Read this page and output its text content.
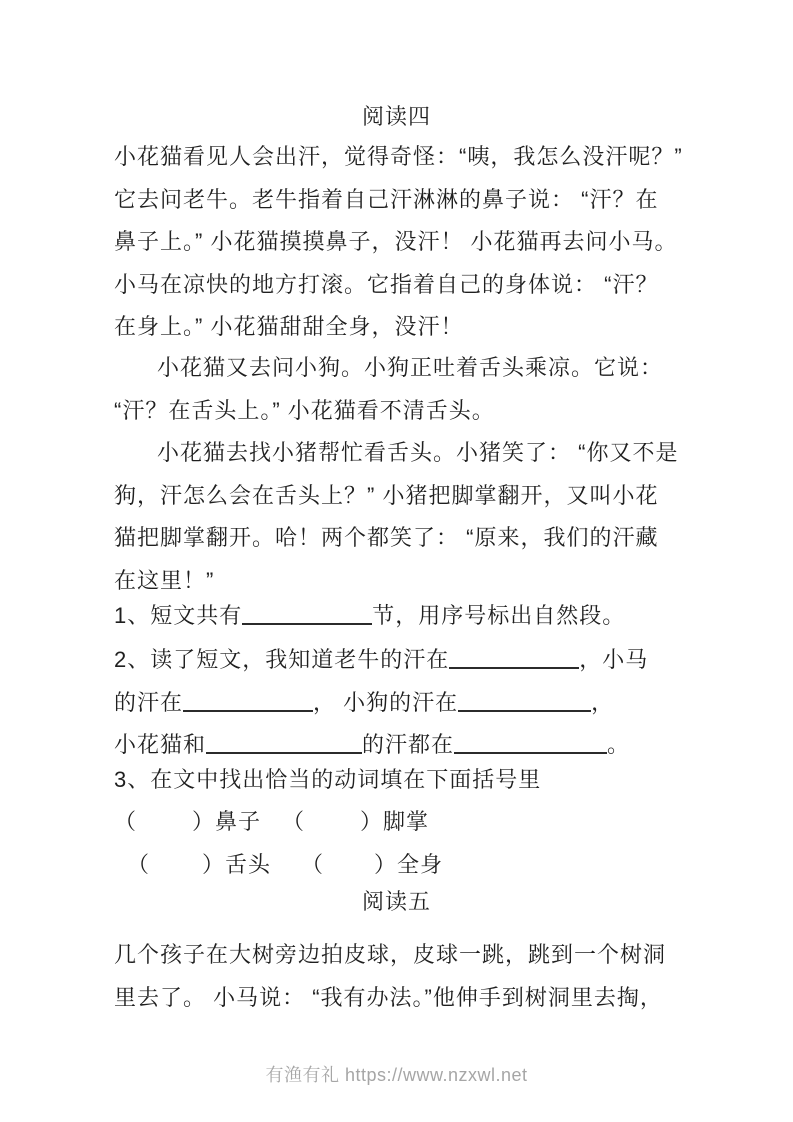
阅读四
小花猫看见人会出汗，觉得奇怪：“咦，我怎么没汗呢？”
它去问老牛。老牛指着自己汗淋淋的鼻子说： “汗？在
鼻子上。” 小花猫摸摸鼻子，没汗！ 小花猫再去问小马。
小马在凉快的地方打滚。它指着自己的身体说： “汗？
在身上。” 小花猫甜甜全身，没汗！
小花猫又去问小狗。小狗正吐着舌头乘凉。它说：
“汗？在舌头上。” 小花猫看不清舌头。
小花猫去找小猪帮忙看舌头。小猪笑了： “你又不是
狗，汗怎么会在舌头上？” 小猪把脚掌翻开，又叫小花
猫把脚掌翻开。哈！两个都笑了： “原来，我们的汗藏
在这里！”
1、短文共有	节，用序号标出自然段。
2、读了短文，我知道老牛的汗在	，小马
的汗在	， 小狗的汗在	，
小花猫和	的汗都在	。
3、在文中找出恰当的动词填在下面括号里
（	）鼻子 （	）脚掌
（ ）舌头 （ ）全身
阅读五
几个孩子在大树旁边拍皮球，皮球一跳，跳到一个树洞
里去了。 小马说： “我有办法。”他伸手到树洞里去掏，
有渔有礼 https://www.nzxwl.net
